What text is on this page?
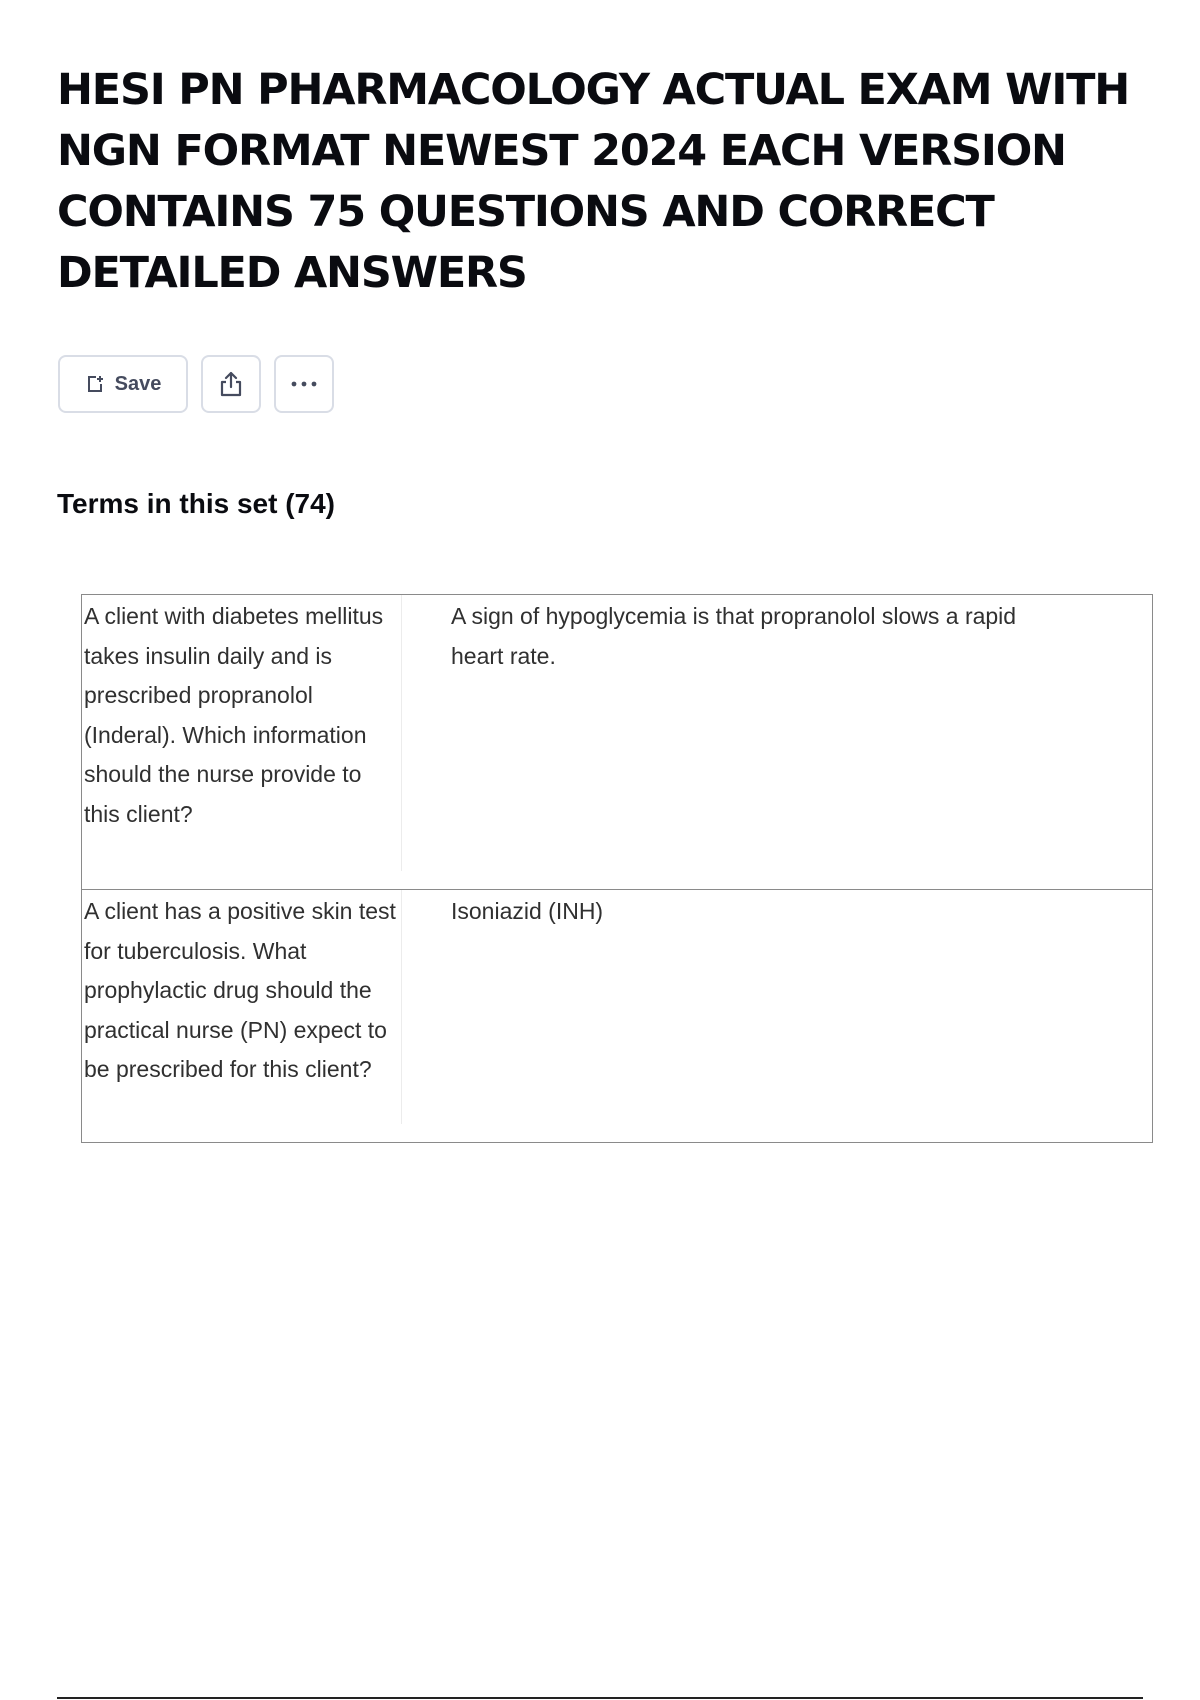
HESI PN PHARMACOLOGY ACTUAL EXAM WITH NGN FORMAT NEWEST 2024 EACH VERSION CONTAINS 75 QUESTIONS AND CORRECT DETAILED ANSWERS
Save
Terms in this set (74)
A client with diabetes mellitus takes insulin daily and is prescribed propranolol (Inderal). Which information should the nurse provide to this client?
A sign of hypoglycemia is that propranolol slows a rapid heart rate.
A client has a positive skin test for tuberculosis. What prophylactic drug should the practical nurse (PN) expect to be prescribed for this client?
Isoniazid (INH)
